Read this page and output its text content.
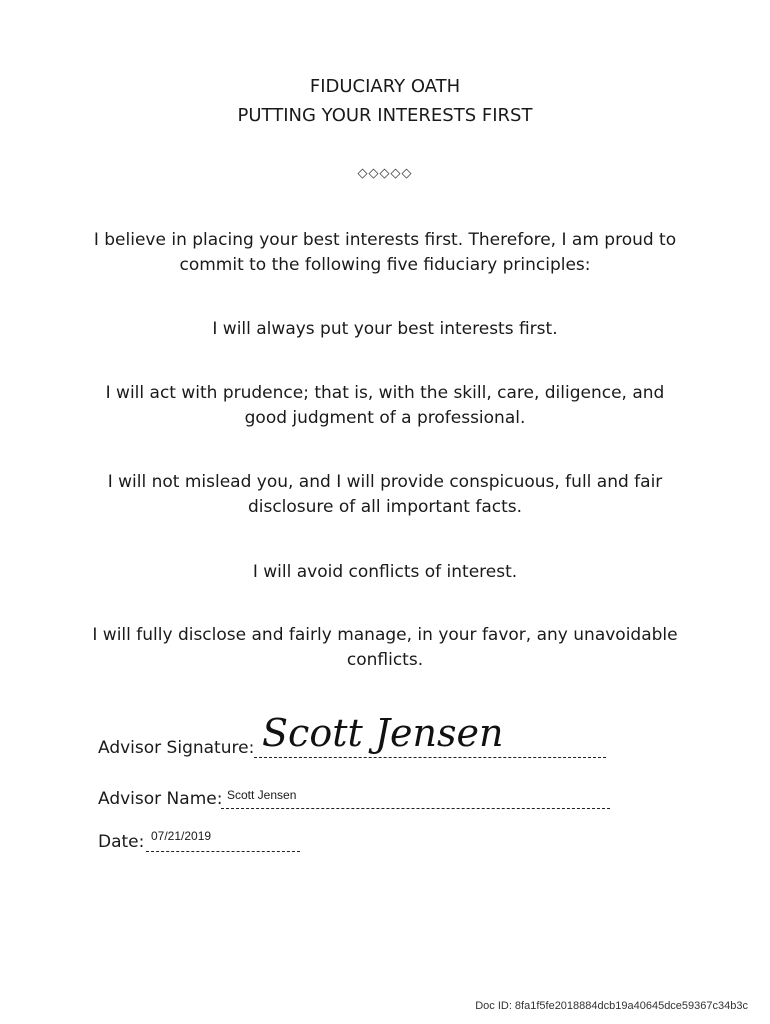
FIDUCIARY OATH
PUTTING YOUR INTERESTS FIRST
◇◇◇◇◇
I believe in placing your best interests first. Therefore, I am proud to
commit to the following five fiduciary principles:
I will always put your best interests first.
I will act with prudence; that is, with the skill, care, diligence, and
good judgment of a professional.
I will not mislead you, and I will provide conspicuous, full and fair
disclosure of all important facts.
I will avoid conflicts of interest.
I will fully disclose and fairly manage, in your favor, any unavoidable
conflicts.
Advisor Signature: Scott Jensen
Advisor Name: Scott Jensen
Date: 07/21/2019
Doc ID: 8fa1f5fe2018884dcb19a40645dce59367c34b3c
